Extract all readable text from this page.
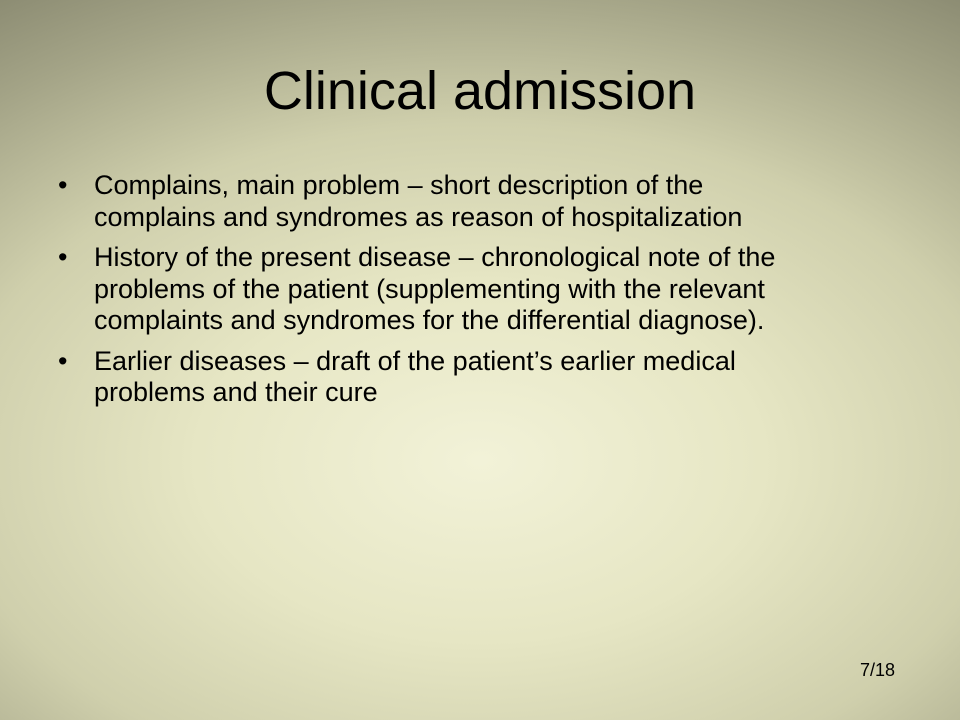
Clinical admission
• Complains, main problem – short description of the
complains and syndromes as reason of hospitalization
• History of the present disease – chronological note of the
problems of the patient (supplementing with the relevant
complaints and syndromes for the differential diagnose).
• Earlier diseases – draft of the patient’s earlier medical
problems and their cure
7/18
